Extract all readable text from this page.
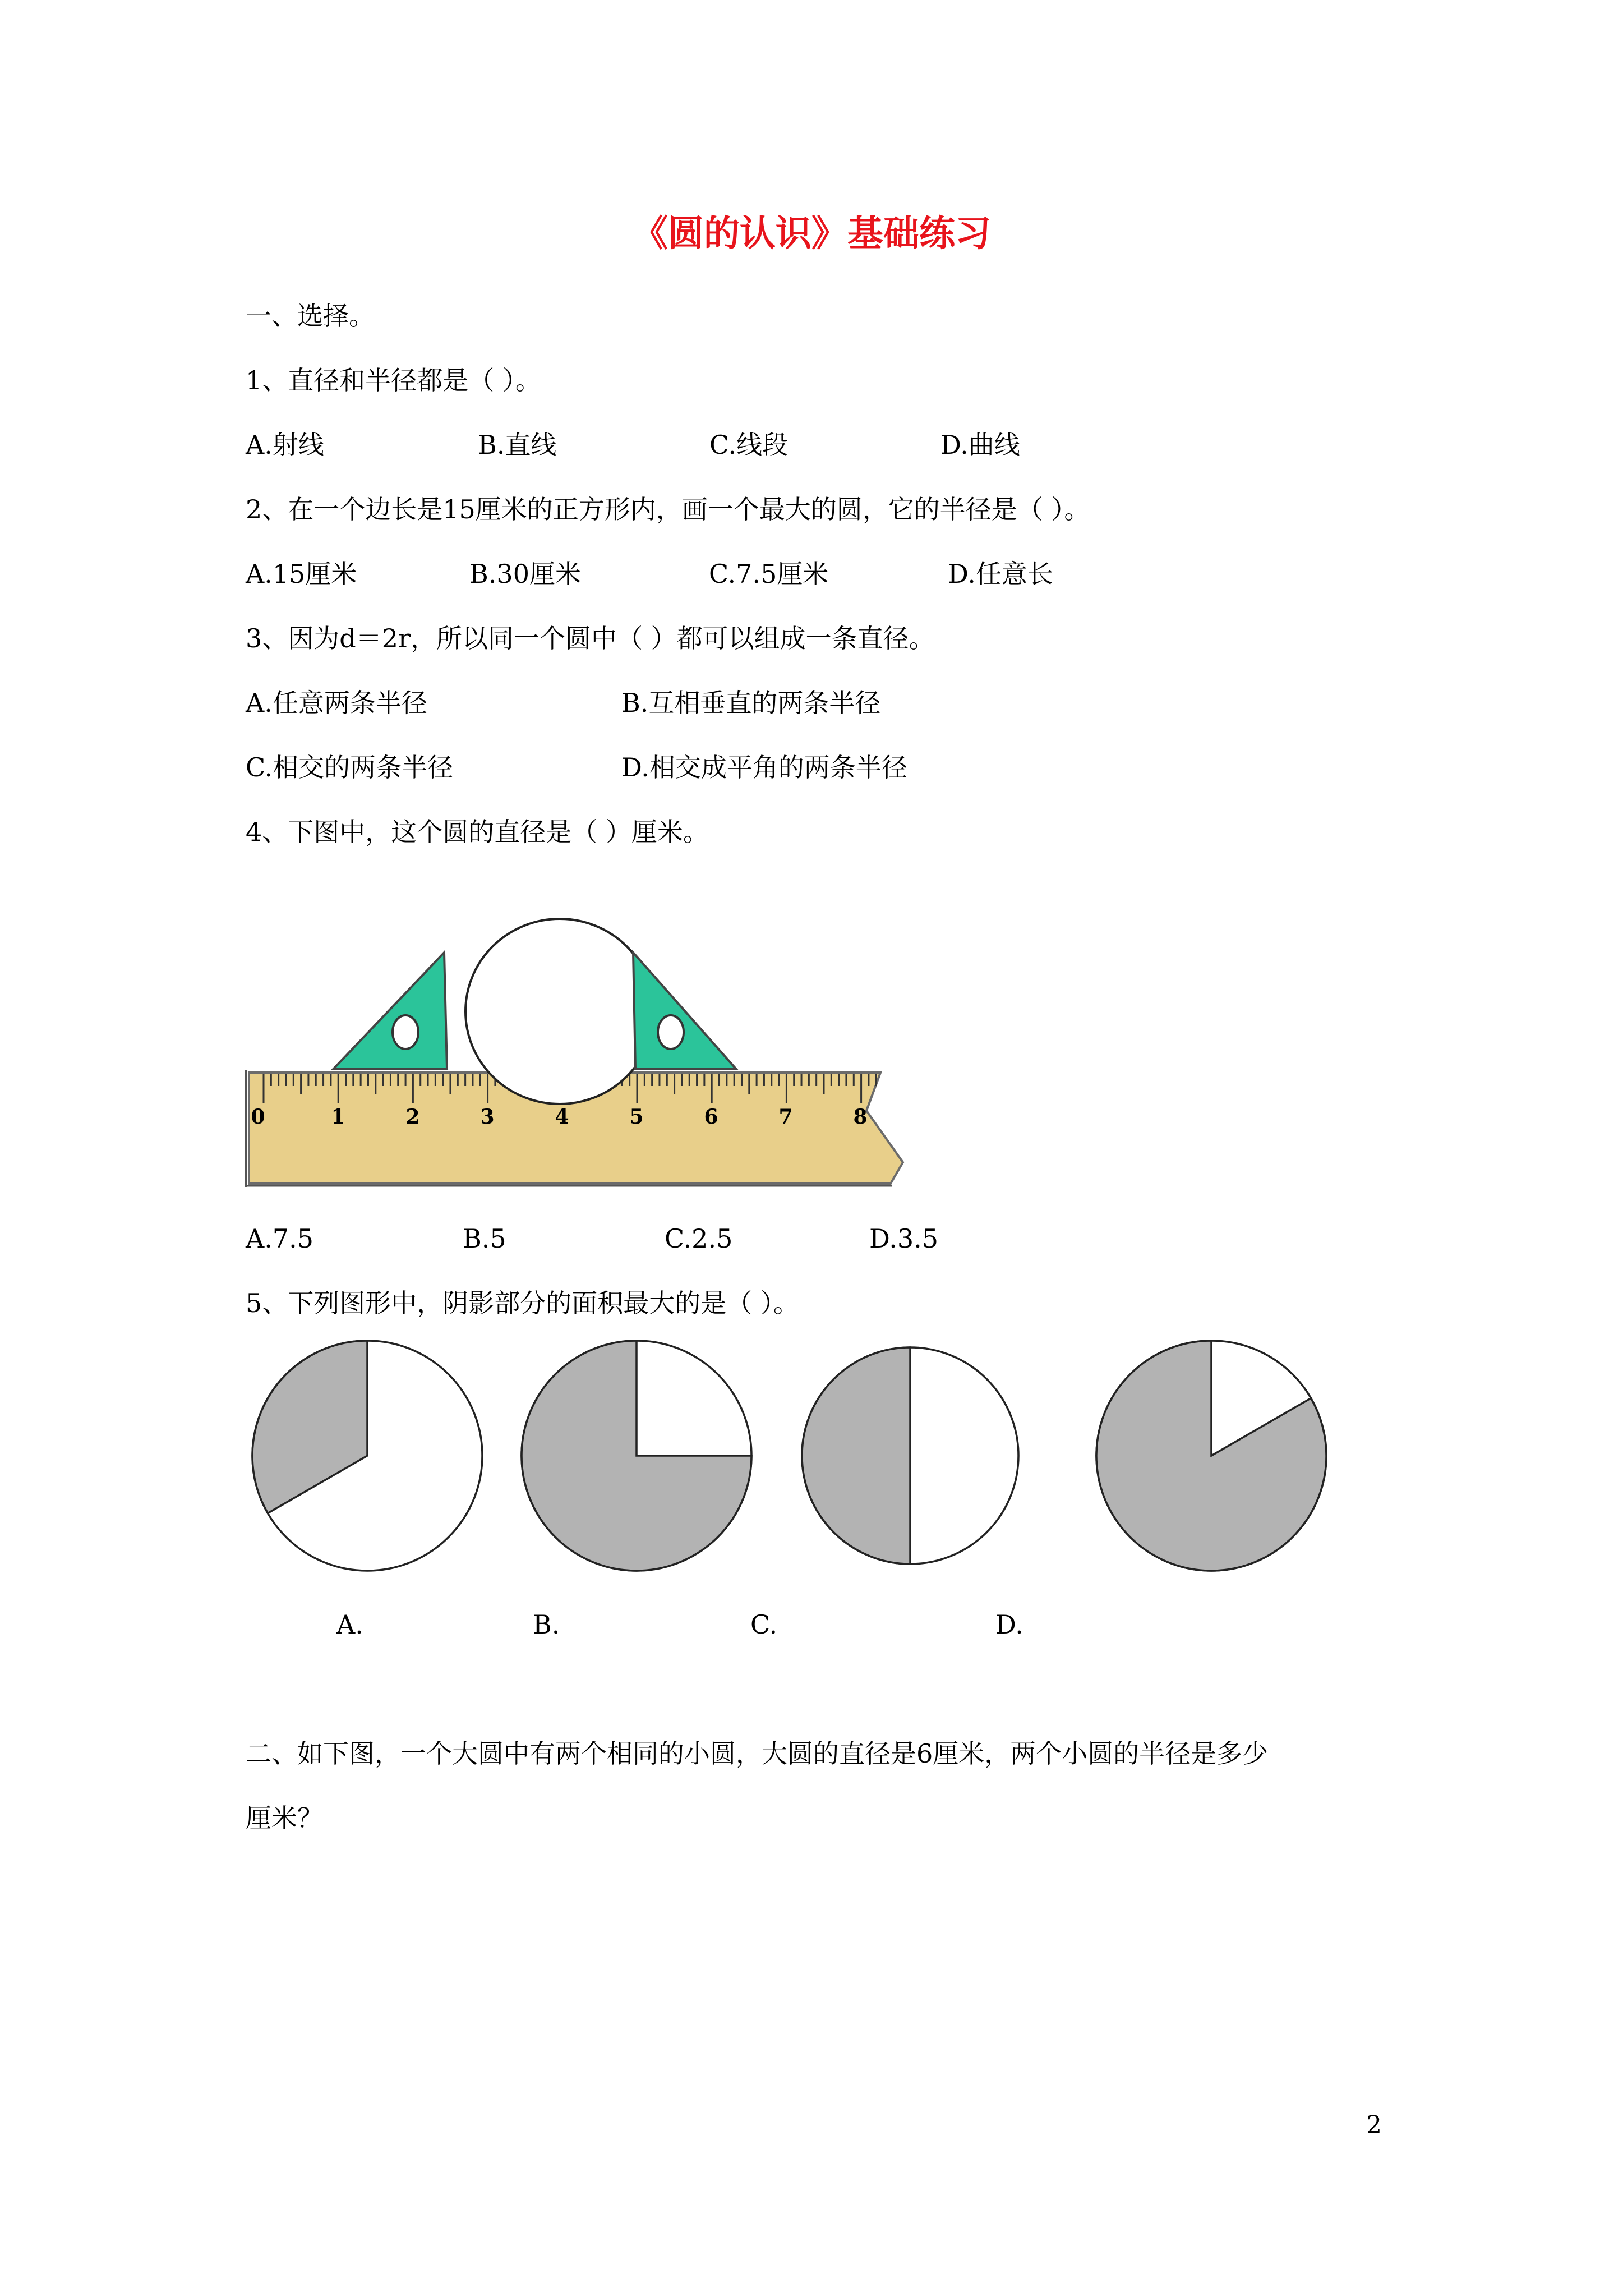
《圆的认识》基础练习
一、选择。
1、直径和半径都是（ ）。
A.射线	B.直线	C.线段	D.曲线
2、在一个边长是15厘米的正方形内，画一个最大的圆，它的半径是（ ）。
A.15厘米	B.30厘米	C.7.5厘米	D.任意长
3、因为d＝2r，所以同一个圆中（ ）都可以组成一条直径。
A.任意两条半径	B.互相垂直的两条半径
C.相交的两条半径	D.相交成平角的两条半径
4、下图中，这个圆的直径是（ ）厘米。
0	1	2	3	4	5	6	7	8
A.7.5	B.5	C.2.5	D.3.5
5、下列图形中，阴影部分的面积最大的是（ ）。
A.	B.	C.	D.
二、如下图，一个大圆中有两个相同的小圆，大圆的直径是6厘米，两个小圆的半径是多少
厘米？
2
